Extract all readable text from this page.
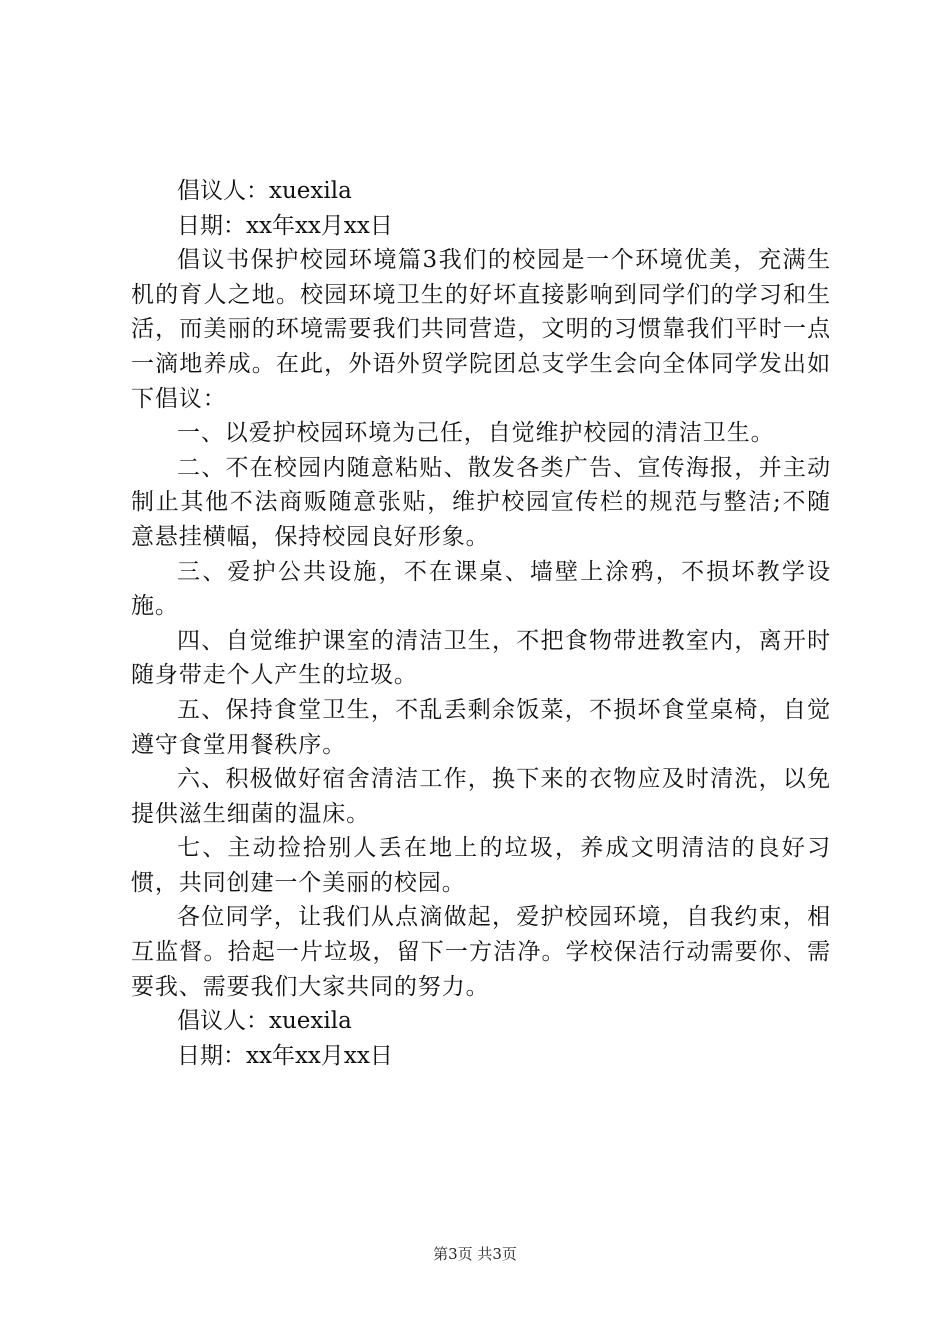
倡议人：xuexila

日期：xx年xx月xx日

倡议书保护校园环境篇3我们的校园是一个环境优美，充满生机的育人之地。校园环境卫生的好坏直接影响到同学们的学习和生活，而美丽的环境需要我们共同营造，文明的习惯靠我们平时一点一滴地养成。在此，外语外贸学院团总支学生会向全体同学发出如下倡议：

一、以爱护校园环境为己任，自觉维护校园的清洁卫生。

二、不在校园内随意粘贴、散发各类广告、宣传海报，并主动制止其他不法商贩随意张贴，维护校园宣传栏的规范与整洁;不随意悬挂横幅，保持校园良好形象。

三、爱护公共设施，不在课桌、墙壁上涂鸦，不损坏教学设施。

四、自觉维护课室的清洁卫生，不把食物带进教室内，离开时随身带走个人产生的垃圾。

五、保持食堂卫生，不乱丢剩余饭菜，不损坏食堂桌椅，自觉遵守食堂用餐秩序。

六、积极做好宿舍清洁工作，换下来的衣物应及时清洗，以免提供滋生细菌的温床。

七、主动捡拾别人丢在地上的垃圾，养成文明清洁的良好习惯，共同创建一个美丽的校园。

各位同学，让我们从点滴做起，爱护校园环境，自我约束，相互监督。拾起一片垃圾，留下一方洁净。学校保洁行动需要你、需要我、需要我们大家共同的努力。

倡议人：xuexila

日期：xx年xx月xx日

第3页 共3页
